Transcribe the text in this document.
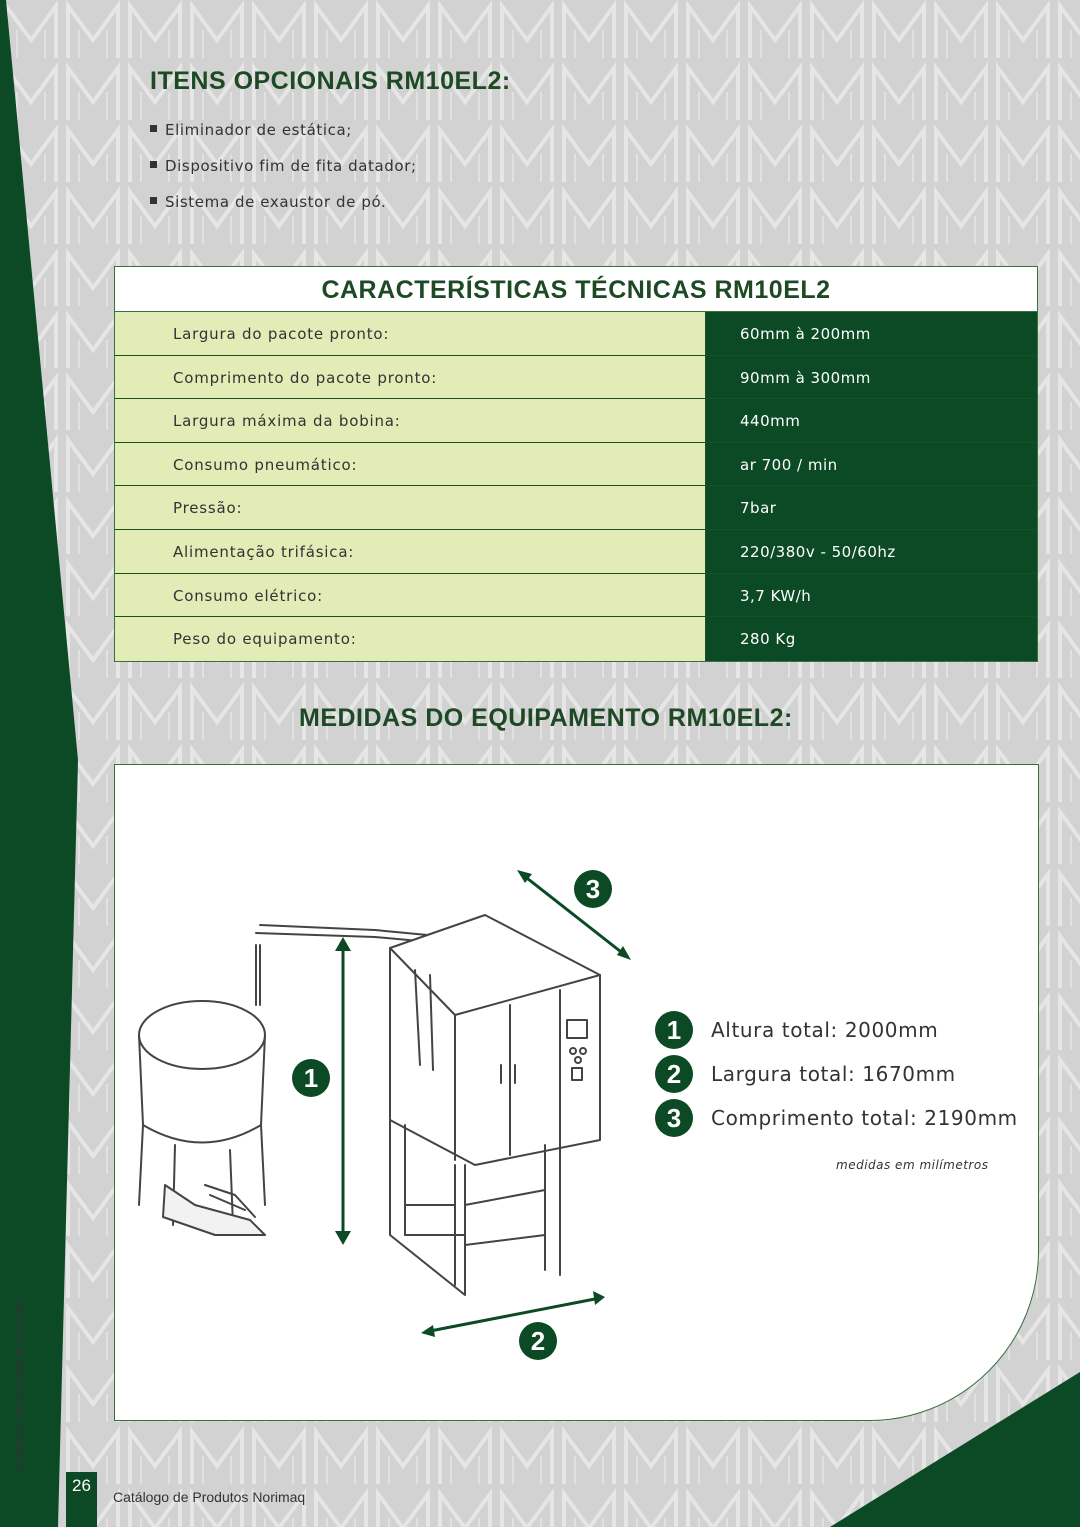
ITENS OPCIONAIS RM10EL2:
Eliminador de estática;
Dispositivo fim de fita datador;
Sistema de exaustor de pó.
CARACTERÍSTICAS TÉCNICAS RM10EL2
Largura do pacote pronto:	60mm à 200mm
Comprimento do pacote pronto:	90mm à 300mm
Largura máxima da bobina:	440mm
Consumo pneumático:	ar 700 / min
Pressão:	7bar
Alimentação trifásica:	220/380v - 50/60hz
Consumo elétrico:	3,7 KW/h
Peso do equipamento:	280 Kg
MEDIDAS DO EQUIPAMENTO RM10EL2:
1
2
3
1	Altura total: 2000mm
2	Largura total: 1670mm
3	Comprimento total: 2190mm
medidas em milímetros
Imagens meramente ilustrativas
26
Catálogo de Produtos Norimaq
